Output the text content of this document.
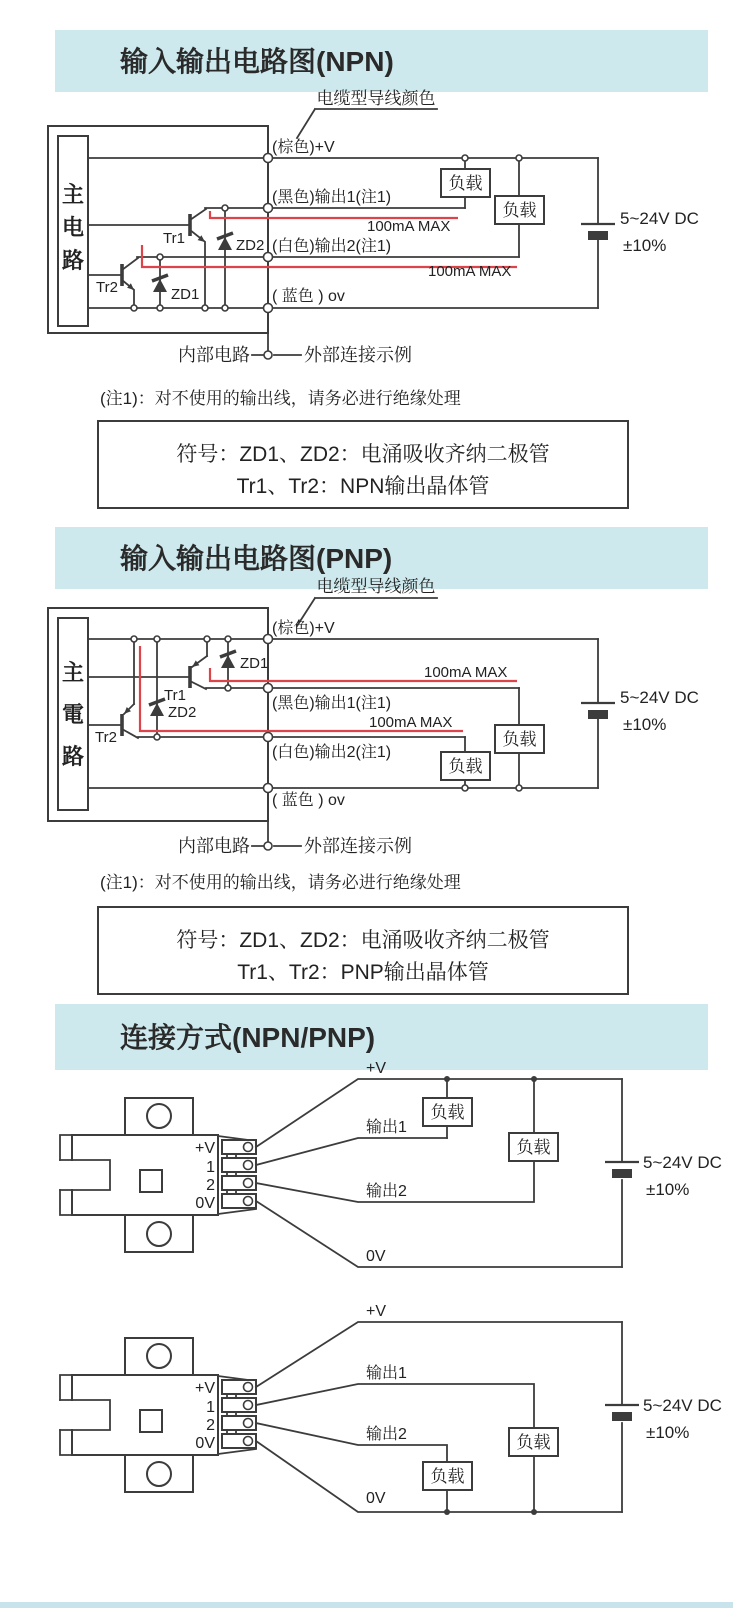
输入输出电路图(NPN)
电缆型导线颜色
主
电
路
负载
负载	5~24V DC
±10%
(棕色)+V
(黑色)输出1(注1)
100mA MAX
(白色)输出2(注1)
100mA MAX
( 蓝色 ) ov
Tr1
Tr2
ZD2
ZD1
内部电路	外部连接示例
(注1)：对不使用的输出线，请务必进行绝缘处理
符号：ZD1、ZD2：电涌吸收齐纳二极管
Tr1、Tr2：NPN输出晶体管
输入输出电路图(PNP)
电缆型导线颜色
主
電
路
负载
负载
5~24V DC
±10%
(棕色)+V
ZD1
Tr1
100mA MAX
(黑色)输出1(注1)
ZD2
Tr2
100mA MAX
(白色)输出2(注1)
( 蓝色 ) ov
内部电路	外部连接示例
(注1)：对不使用的输出线，请务必进行绝缘处理
符号：ZD1、ZD2：电涌吸收齐纳二极管
Tr1、Tr2：PNP输出晶体管
连接方式(NPN/PNP)
负载
负载
+V
输出1
输出2
0V
5~24V DC
±10%
负载
负载
+V
输出1
输出2
0V
5~24V DC
±10%
